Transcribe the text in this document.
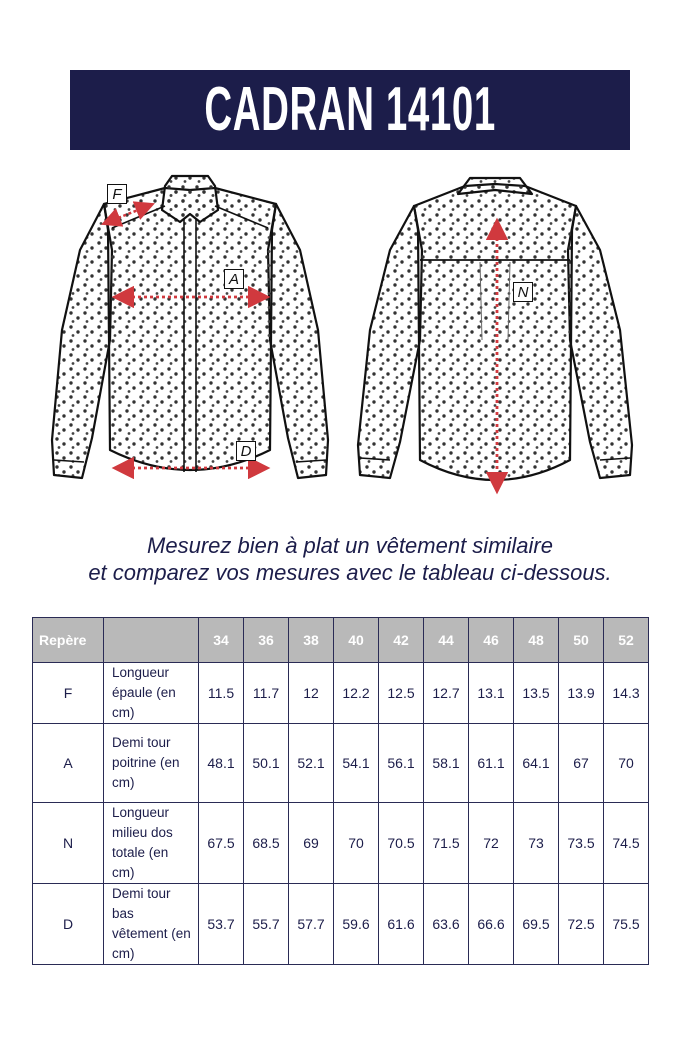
CADRAN 14101
F
A
D
N
Mesurez bien à plat un vêtement similaire
et comparez vos mesures avec le tableau ci-dessous.
Repère		34	36	38	40	42	44	46	48	50	52
F	Longueur épaule (en cm)	11.5	11.7	12	12.2	12.5	12.7	13.1	13.5	13.9	14.3
A	Demi tour poitrine (en cm)	48.1	50.1	52.1	54.1	56.1	58.1	61.1	64.1	67	70
N	Longueur milieu dos totale (en cm)	67.5	68.5	69	70	70.5	71.5	72	73	73.5	74.5
D	Demi tour bas vêtement (en cm)	53.7	55.7	57.7	59.6	61.6	63.6	66.6	69.5	72.5	75.5
